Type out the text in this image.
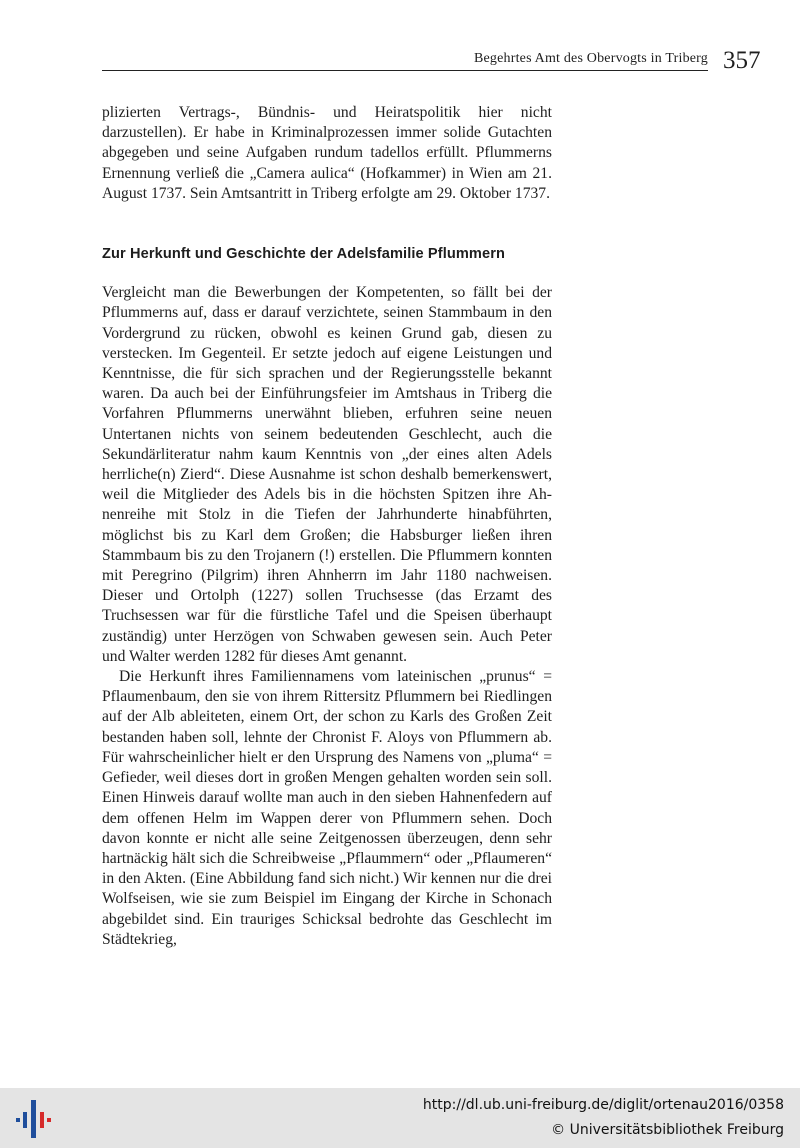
Begehrtes Amt des Obervogts in Triberg 357

plizierten Vertrags-, Bündnis- und Heiratspolitik hier nicht darzustellen). Er habe in Kriminalprozessen immer solide Gutachten abgegeben und seine Aufgaben rundum tadellos erfüllt. Pflummerns Ernennung verließ die „Camera aulica“ (Hofkammer) in Wien am 21. August 1737. Sein Amtsantritt in Triberg erfolgte am 29. Oktober 1737.

Zur Herkunft und Geschichte der Adelsfamilie Pflummern

Vergleicht man die Bewerbungen der Kompetenten, so fällt bei der Pflummerns auf, dass er darauf verzichtete, seinen Stammbaum in den Vordergrund zu rücken, obwohl es keinen Grund gab, diesen zu verstecken. Im Gegenteil. Er setzte jedoch auf eigene Leistungen und Kenntnisse, die für sich sprachen und der Regierungsstelle bekannt waren. Da auch bei der Einführungsfeier im Amtshaus in Triberg die Vorfahren Pflummerns unerwähnt blieben, erfuhren seine neuen Untertanen nichts von seinem bedeutenden Geschlecht, auch die Sekundärliteratur nahm kaum Kenntnis von „der eines alten Adels herrliche(n) Zierd“. Diese Ausnahme ist schon deshalb bemerkenswert, weil die Mitglieder des Adels bis in die höchsten Spitzen ihre Ahnenreihe mit Stolz in die Tiefen der Jahrhunderte hinabführten, möglichst bis zu Karl dem Großen; die Habsburger ließen ihren Stammbaum bis zu den Trojanern (!) erstellen. Die Pflummern konnten mit Peregrino (Pilgrim) ihren Ahnherrn im Jahr 1180 nachweisen. Dieser und Ortolph (1227) sollen Truchsesse (das Erzamt des Truchsessen war für die fürstliche Tafel und die Speisen überhaupt zuständig) unter Herzögen von Schwaben gewesen sein. Auch Peter und Walter werden 1282 für dieses Amt genannt.

Die Herkunft ihres Familiennamens vom lateinischen „prunus“ = Pflaumenbaum, den sie von ihrem Rittersitz Pflummern bei Riedlingen auf der Alb ableiteten, einem Ort, der schon zu Karls des Großen Zeit bestanden haben soll, lehnte der Chronist F. Aloys von Pflummern ab. Für wahrscheinlicher hielt er den Ursprung des Namens von „pluma“ = Gefieder, weil dieses dort in großen Mengen gehalten worden sein soll. Einen Hinweis darauf wollte man auch in den sieben Hahnenfedern auf dem offenen Helm im Wappen derer von Pflummern sehen. Doch davon konnte er nicht alle seine Zeitgenossen überzeugen, denn sehr hartnäckig hält sich die Schreibweise „Pflaummern“ oder „Pflaumeren“ in den Akten. (Eine Abbildung fand sich nicht.) Wir kennen nur die drei Wolfseisen, wie sie zum Beispiel im Eingang der Kirche in Schonach abgebildet sind. Ein trauriges Schicksal bedrohte das Geschlecht im Städtekrieg,

http://dl.ub.uni-freiburg.de/diglit/ortenau2016/0358
© Universitätsbibliothek Freiburg
